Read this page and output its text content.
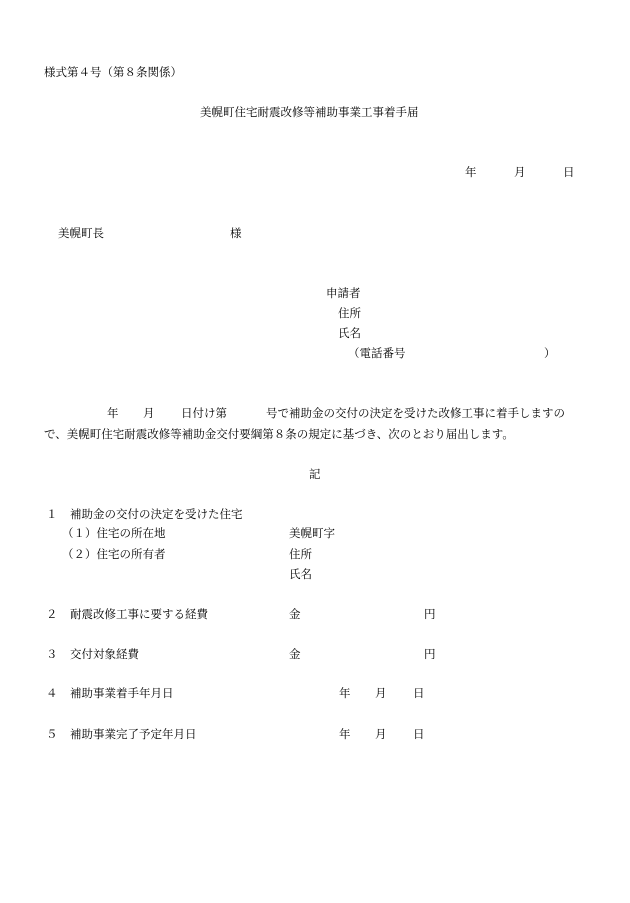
様式第４号（第８条関係）
美幌町住宅耐震改修等補助事業工事着手届
年	月	日
美幌町長	様
申請者
住所
氏名
（電話番号	）
年 月 日付け第	号で補助金の交付の決定を受けた改修工事に着手しますの
で、美幌町住宅耐震改修等補助金交付要綱第８条の規定に基づき、次のとおり届出します。
記
１ 補助金の交付の決定を受けた住宅
（１）住宅の所在地	美幌町字
（２）住宅の所有者	住所
氏名
２ 耐震改修工事に要する経費	金	円
３ 交付対象経費	金	円
４ 補助事業着手年月日	年 月 日
５ 補助事業完了予定年月日	年 月 日
